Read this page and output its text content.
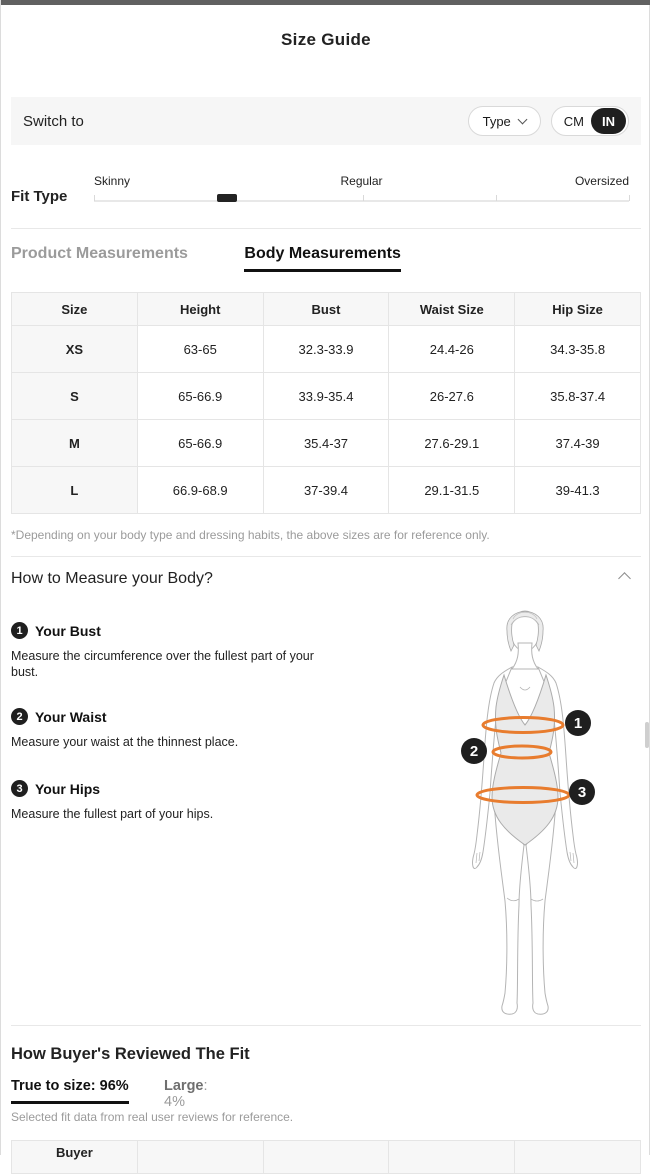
Size Guide
Switch to	Type	CM	IN
Fit Type
Skinny	Regular	Oversized
Product Measurements	Body Measurements
Size	Height	Bust	Waist Size	Hip Size
XS	63-65	32.3-33.9	24.4-26	34.3-35.8
S	65-66.9	33.9-35.4	26-27.6	35.8-37.4
M	65-66.9	35.4-37	27.6-29.1	37.4-39
L	66.9-68.9	37-39.4	29.1-31.5	39-41.3
*Depending on your body type and dressing habits, the above sizes are for reference only.
How to Measure your Body?
1 Your Bust
Measure the circumference over the fullest part of your bust.
2 Your Waist
Measure your waist at the thinnest place.
3 Your Hips
Measure the fullest part of your hips.
1
2
3
How Buyer's Reviewed The Fit
True to size: 96% Large: 4%
Selected fit data from real user reviews for reference.
Buyer				
